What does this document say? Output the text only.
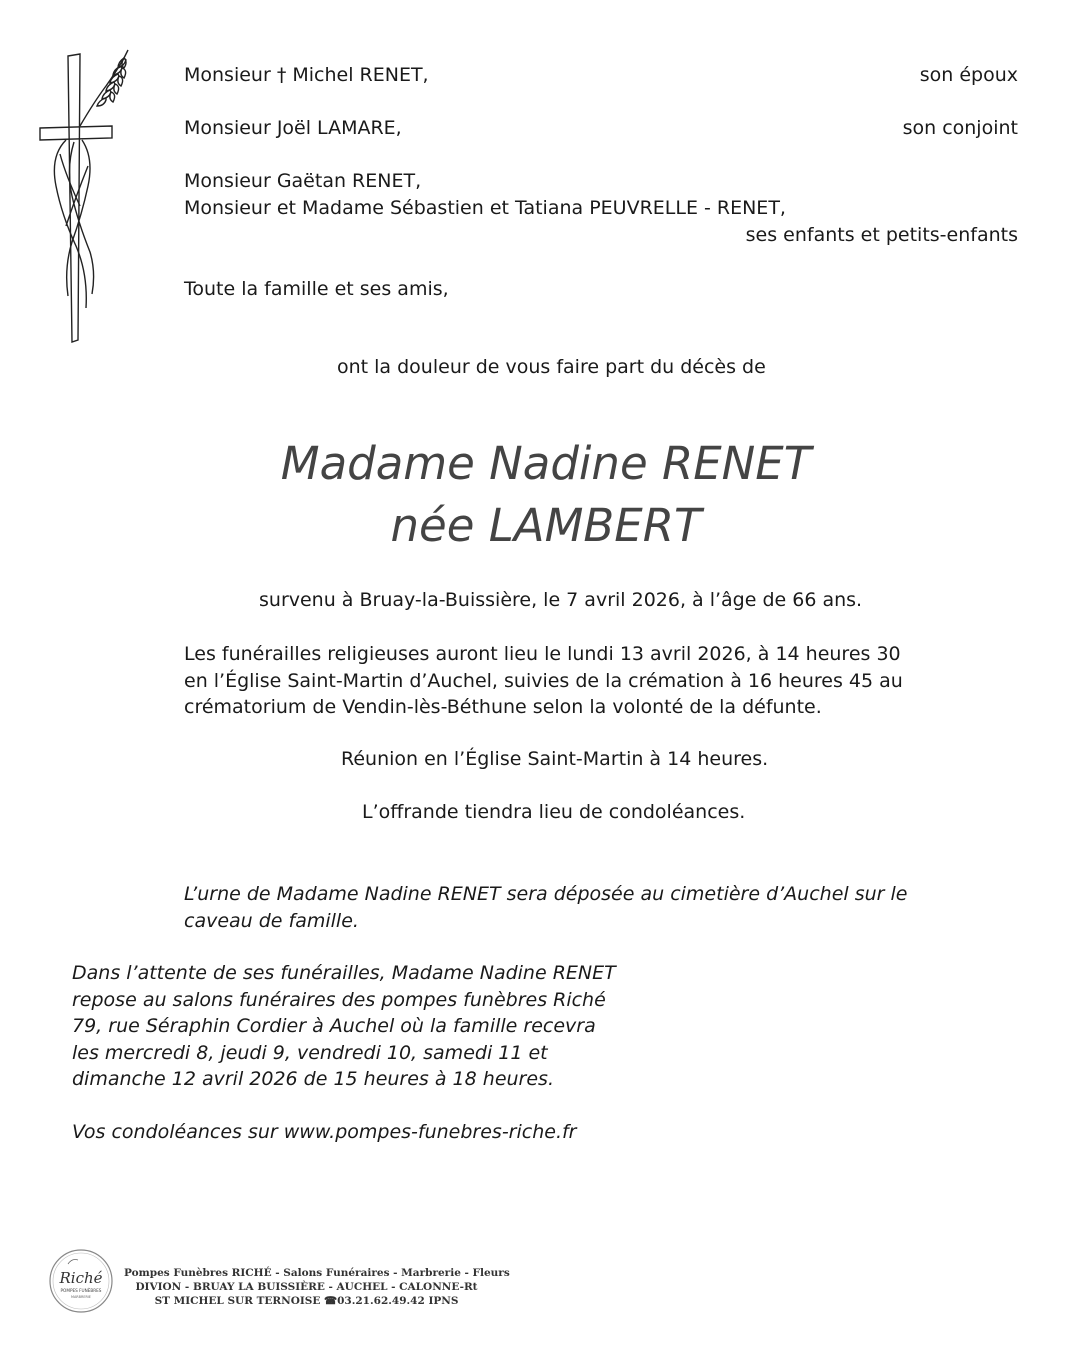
Monsieur † Michel RENET,	son époux
Monsieur Joël LAMARE,	son conjoint
Monsieur Gaëtan RENET,
Monsieur et Madame Sébastien et Tatiana PEUVRELLE - RENET,
ses enfants et petits-enfants
Toute la famille et ses amis,
ont la douleur de vous faire part du décès de
Madame Nadine RENET
née LAMBERT
survenu à Bruay-la-Buissière, le 7 avril 2026, à l’âge de 66 ans.
Les funérailles religieuses auront lieu le lundi 13 avril 2026, à 14 heures 30
en l’Église Saint-Martin d’Auchel, suivies de la crémation à 16 heures 45 au
crématorium de Vendin-lès-Béthune selon la volonté de la défunte.
Réunion en l’Église Saint-Martin à 14 heures.
L’offrande tiendra lieu de condoléances.
L’urne de Madame Nadine RENET sera déposée au cimetière d’Auchel sur le
caveau de famille.
Dans l’attente de ses funérailles, Madame Nadine RENET
repose au salons funéraires des pompes funèbres Riché
79, rue Séraphin Cordier à Auchel où la famille recevra
les mercredi 8, jeudi 9, vendredi 10, samedi 11 et
dimanche 12 avril 2026 de 15 heures à 18 heures.
Vos condoléances sur www.pompes-funebres-riche.fr
Riché
POMPES FUNÈBRES
MARBRERIE
Pompes Funèbres RICHÉ - Salons Funéraires - Marbrerie - Fleurs
DIVION - BRUAY LA BUISSIÈRE - AUCHEL - CALONNE-Rt
ST MICHEL SUR TERNOISE ☎03.21.62.49.42 IPNS
